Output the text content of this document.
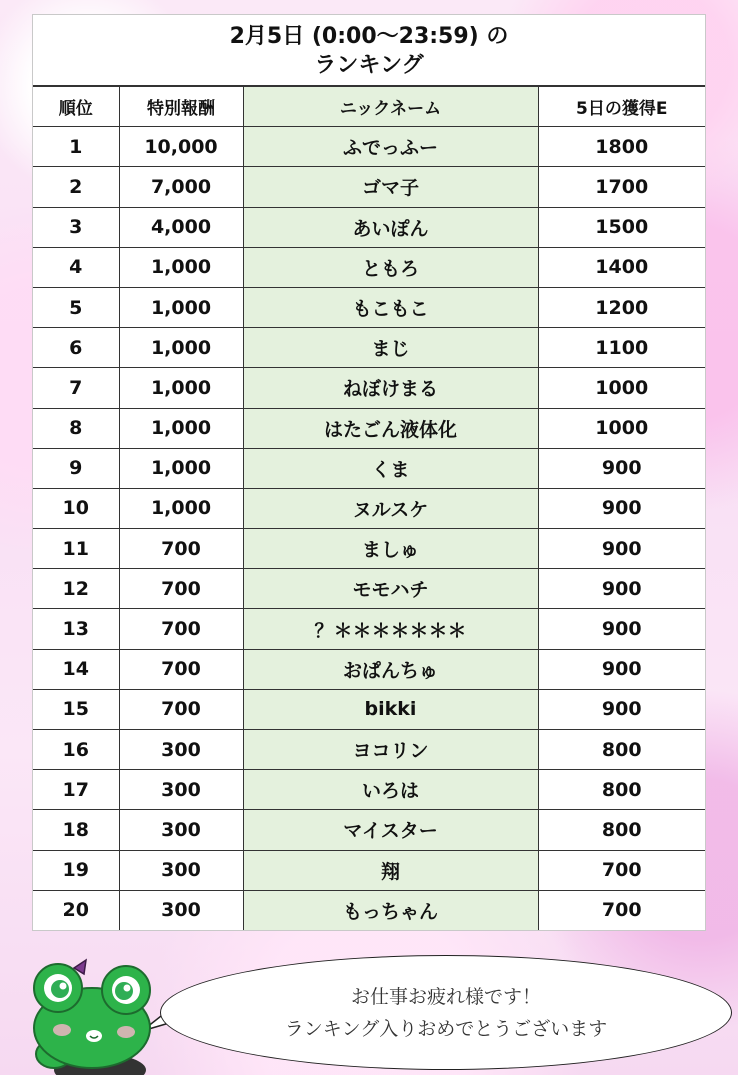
2月5日 (0:00〜23:59) の
ランキング
順位	特別報酬	ニックネーム	5日の獲得E
1	10,000	ふでっふー	1800
2	7,000	ゴマ子	1700
3	4,000	あいぽん	1500
4	1,000	ともろ	1400
5	1,000	もこもこ	1200
6	1,000	まじ	1100
7	1,000	ねぼけまる	1000
8	1,000	はたごん液体化	1000
9	1,000	くま	900
10	1,000	ヌルスケ	900
11	700	ましゅ	900
12	700	モモハチ	900
13	700	？＊＊＊＊＊＊＊	900
14	700	おぱんちゅ	900
15	700	bikki	900
16	300	ヨコリン	800
17	300	いろは	800
18	300	マイスター	800
19	300	翔	700
20	300	もっちゃん	700
お仕事お疲れ様です！
ランキング入りおめでとうございます
